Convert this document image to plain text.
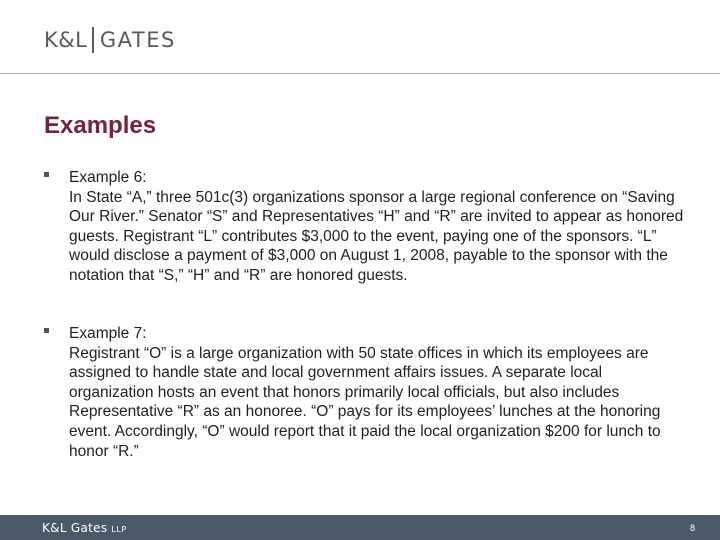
K&L GATES
Examples
Example 6:
In State “A,” three 501c(3) organizations sponsor a large regional conference on “Saving Our River.” Senator “S” and Representatives “H” and “R” are invited to appear as honored guests. Registrant “L” contributes $3,000 to the event, paying one of the sponsors. “L” would disclose a payment of $3,000 on August 1, 2008, payable to the sponsor with the notation that “S,” “H” and “R” are honored guests.
Example 7:
Registrant “O” is a large organization with 50 state offices in which its employees are assigned to handle state and local government affairs issues. A separate local organization hosts an event that honors primarily local officials, but also includes Representative “R” as an honoree. “O” pays for its employees’ lunches at the honoring event. Accordingly, “O” would report that it paid the local organization $200 for lunch to honor “R.”
K&L Gates LLP	8
